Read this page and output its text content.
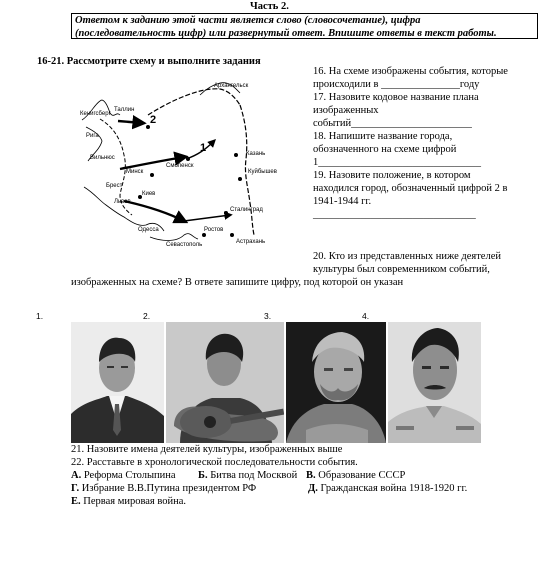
Часть 2.
Ответом к заданию этой части является слово (словосочетание), цифра
(последовательность цифр) или развернутый ответ. Впишите ответы в текст работы.
16-21. Рассмотрите схему и выполните задания
Архангельск
Кенигсберг
Таллин
Рига
Вильнюс
Минск
Брест
Львов
Киев
Смоленск
Казань
Куйбышев
Сталинград
Астрахань
Ростов
Одесса
Севастополь
1
2
16. На схеме изображены события, которые
происходили в _______________году
17. Назовите кодовое название плана
изображенных
событий_______________________
18. Напишите название города,
обозначенного на схеме цифрой
1_______________________________
19. Назовите положение, в котором
находился город, обозначенный цифрой 2 в
1941-1944 гг.
_______________________________
20. Кто из представленных ниже деятелей
культуры был современником событий,
изображенных на схеме? В ответе запишите цифру, под которой он указан
1.	2.	3.	4.
21. Назовите имена деятелей культуры, изображенных выше
22. Расставьте в хронологической последовательности события.
А. Реформа Столыпина Б. Битва под Москвой В. Образование СССР
Г. Избрание В.В.Путина президентом РФ	Д. Гражданская война 1918-1920 гг.
Е. Первая мировая война.
